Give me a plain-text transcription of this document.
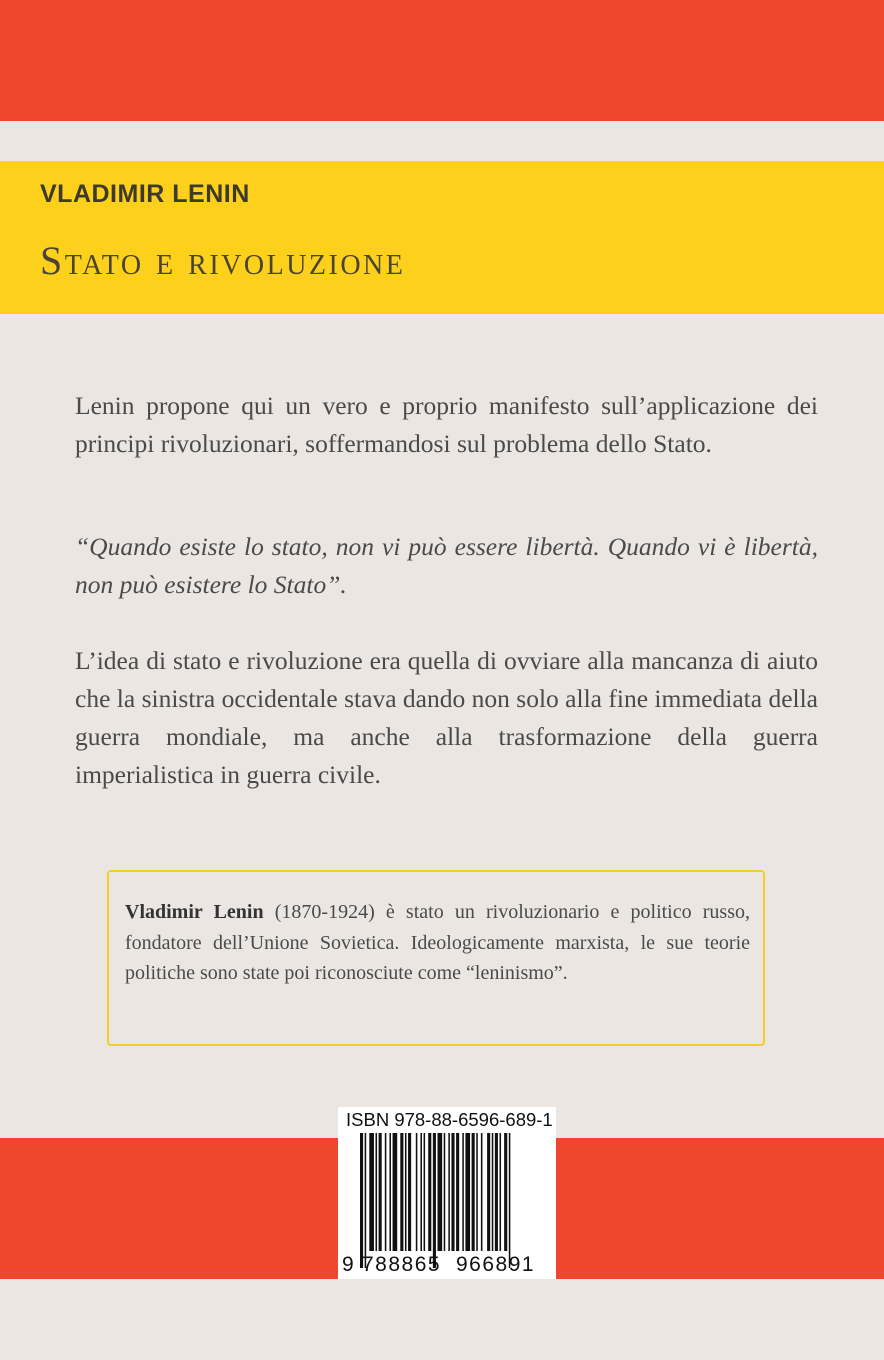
VLADIMIR LENIN
Stato e rivoluzione

Lenin propone qui un vero e proprio manifesto sull’applicazione dei principi rivoluzionari, soffermandosi sul problema dello Stato.

“Quando esiste lo stato, non vi può essere libertà. Quando vi è libertà, non può esistere lo Stato”.

L’idea di stato e rivoluzione era quella di ovviare alla mancanza di aiuto che la sinistra occidentale stava dando non solo alla fine immediata della guerra mondiale, ma anche alla trasformazione della guerra imperialistica in guerra civile.

Vladimir Lenin (1870-1924) è stato un rivoluzionario e politico russo, fondatore dell’Unione Sovietica. Ideologicamente marxista, le sue teorie politiche sono state poi riconosciute come “leninismo”.

ISBN 978-88-6596-689-1
9 788865 966891
